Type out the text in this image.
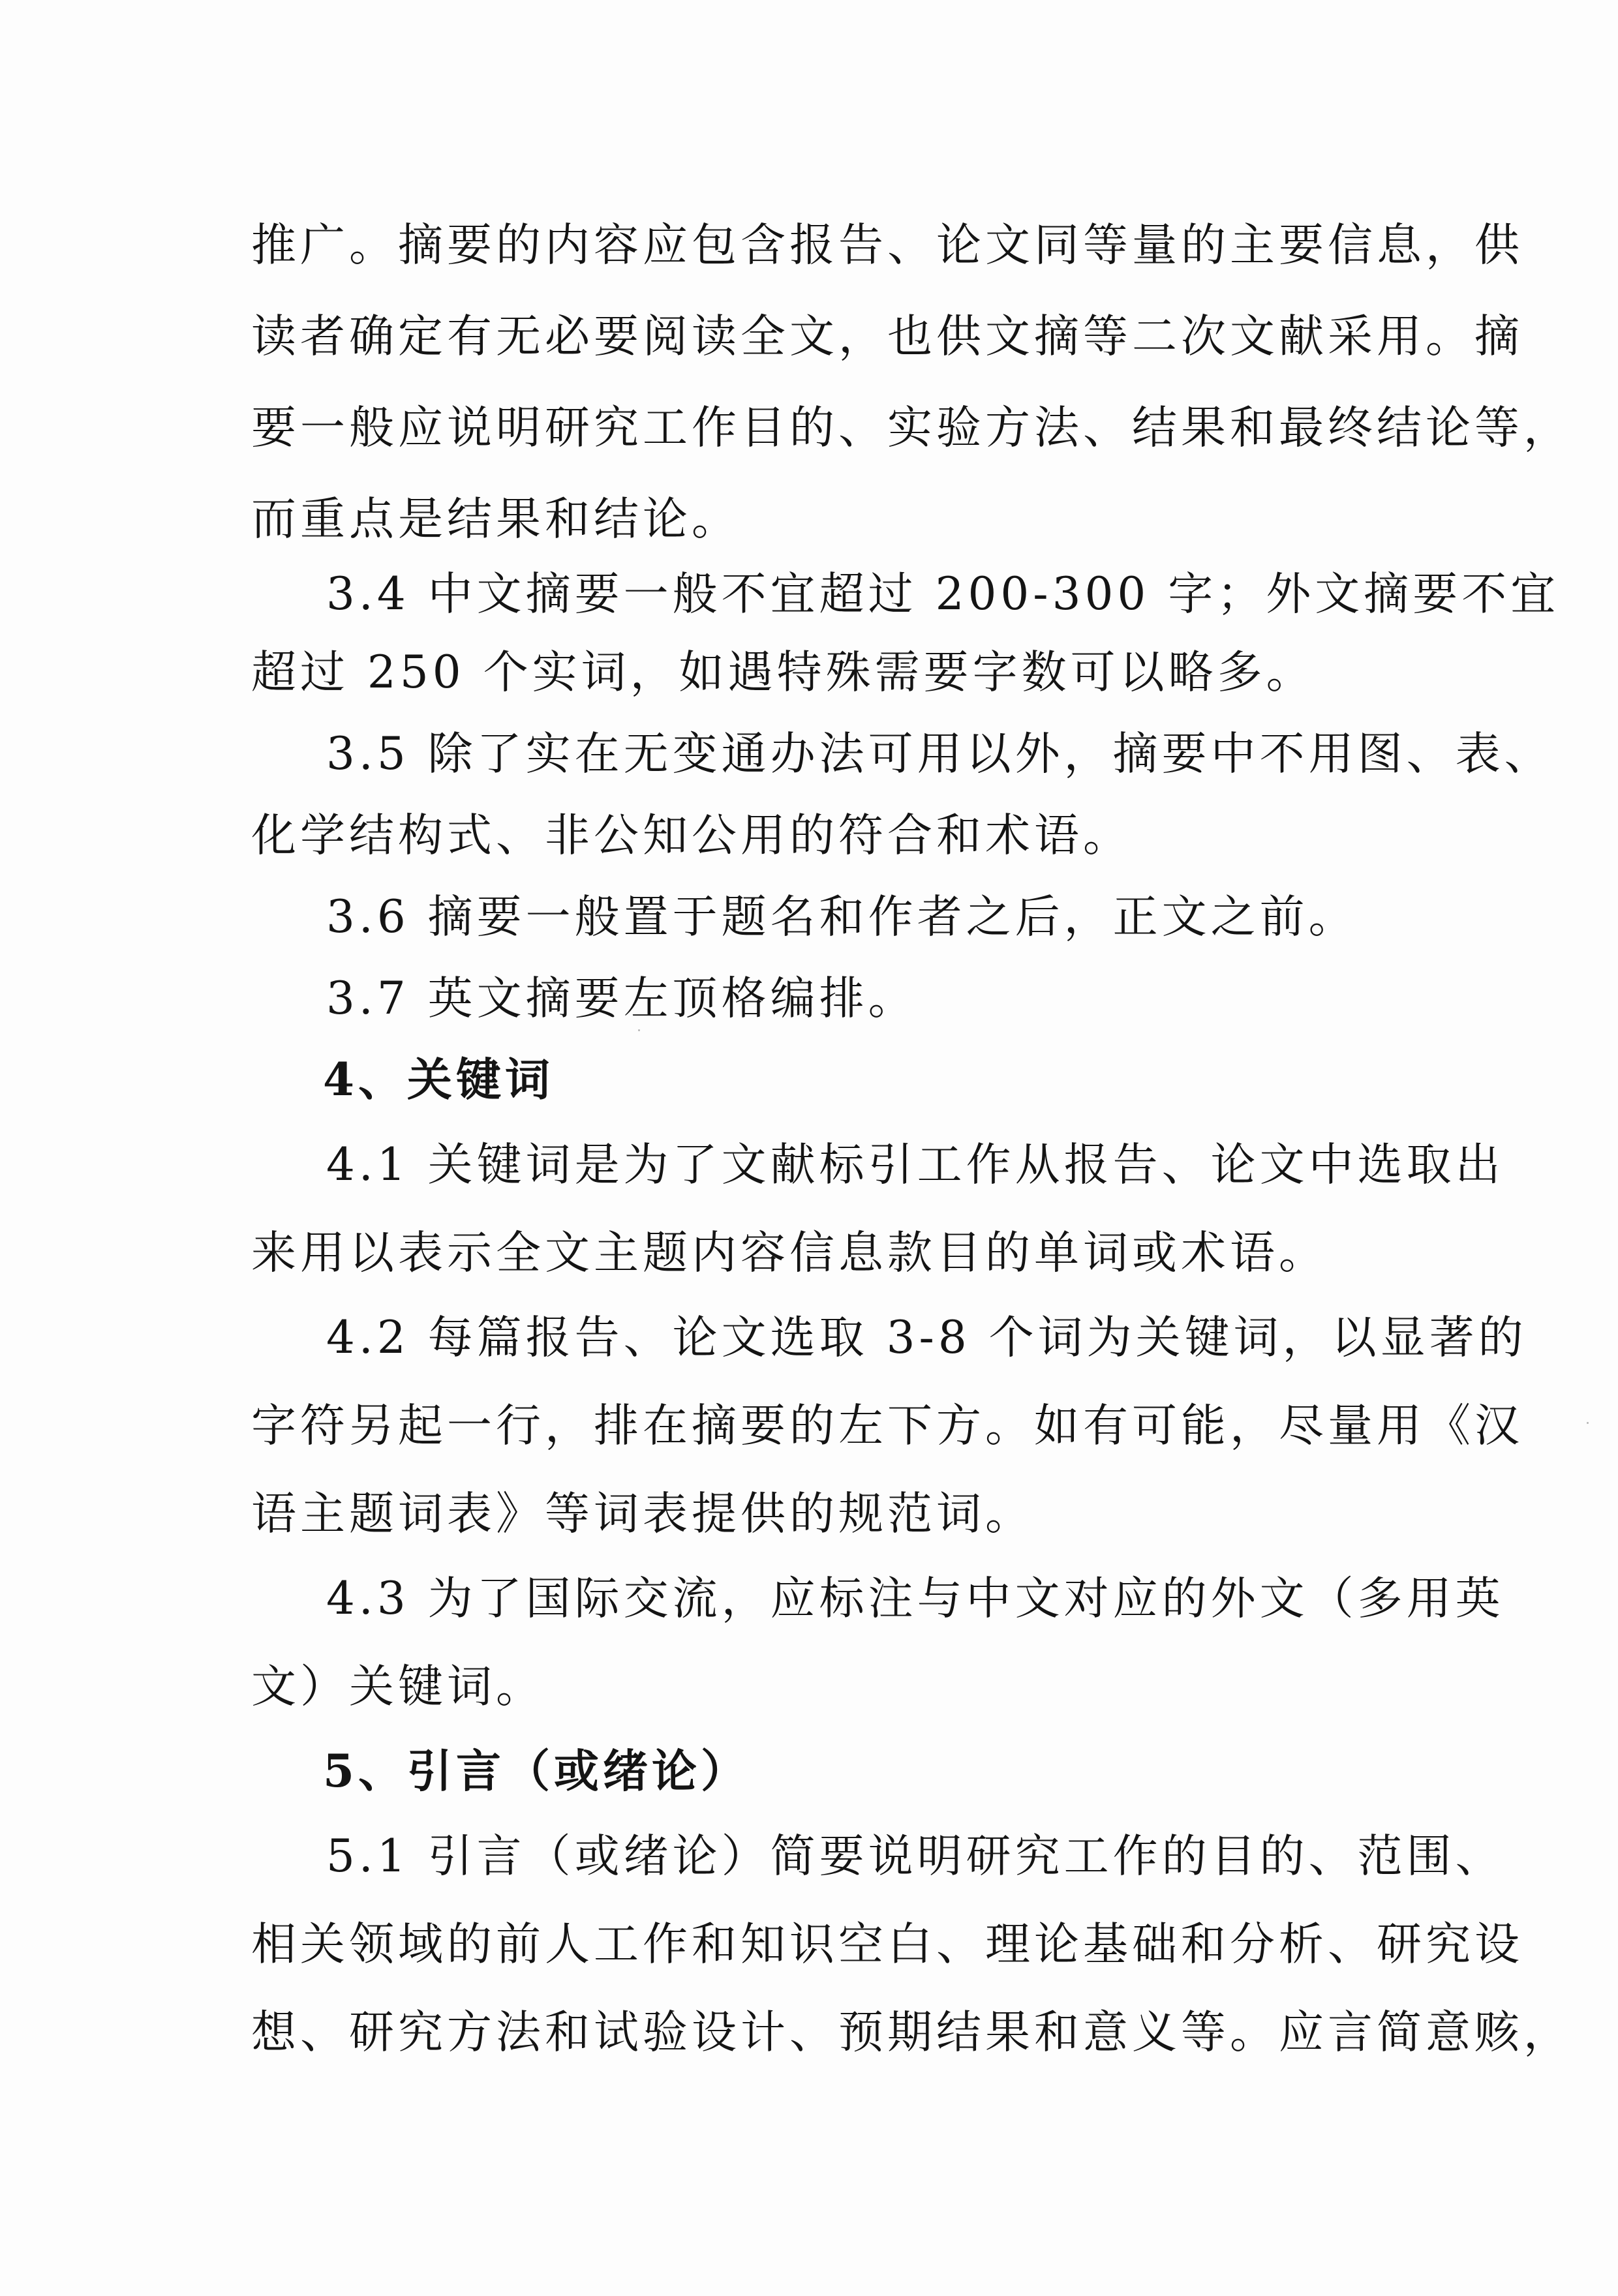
推广。摘要的内容应包含报告、论文同等量的主要信息，供
读者确定有无必要阅读全文，也供文摘等二次文献采用。摘
要一般应说明研究工作目的、实验方法、结果和最终结论等，
而重点是结果和结论。
3.4 中文摘要一般不宜超过 200-300 字；外文摘要不宜
超过 250 个实词，如遇特殊需要字数可以略多。
3.5 除了实在无变通办法可用以外，摘要中不用图、表、
化学结构式、非公知公用的符合和术语。
3.6 摘要一般置于题名和作者之后，正文之前。
3.7 英文摘要左顶格编排。
4、关键词
4.1 关键词是为了文献标引工作从报告、论文中选取出
来用以表示全文主题内容信息款目的单词或术语。
4.2 每篇报告、论文选取 3-8 个词为关键词，以显著的
字符另起一行，排在摘要的左下方。如有可能，尽量用《汉
语主题词表》等词表提供的规范词。
4.3 为了国际交流，应标注与中文对应的外文（多用英
文）关键词。
5、引言（或绪论）
5.1 引言（或绪论）简要说明研究工作的目的、范围、
相关领域的前人工作和知识空白、理论基础和分析、研究设
想、研究方法和试验设计、预期结果和意义等。应言简意赅，
